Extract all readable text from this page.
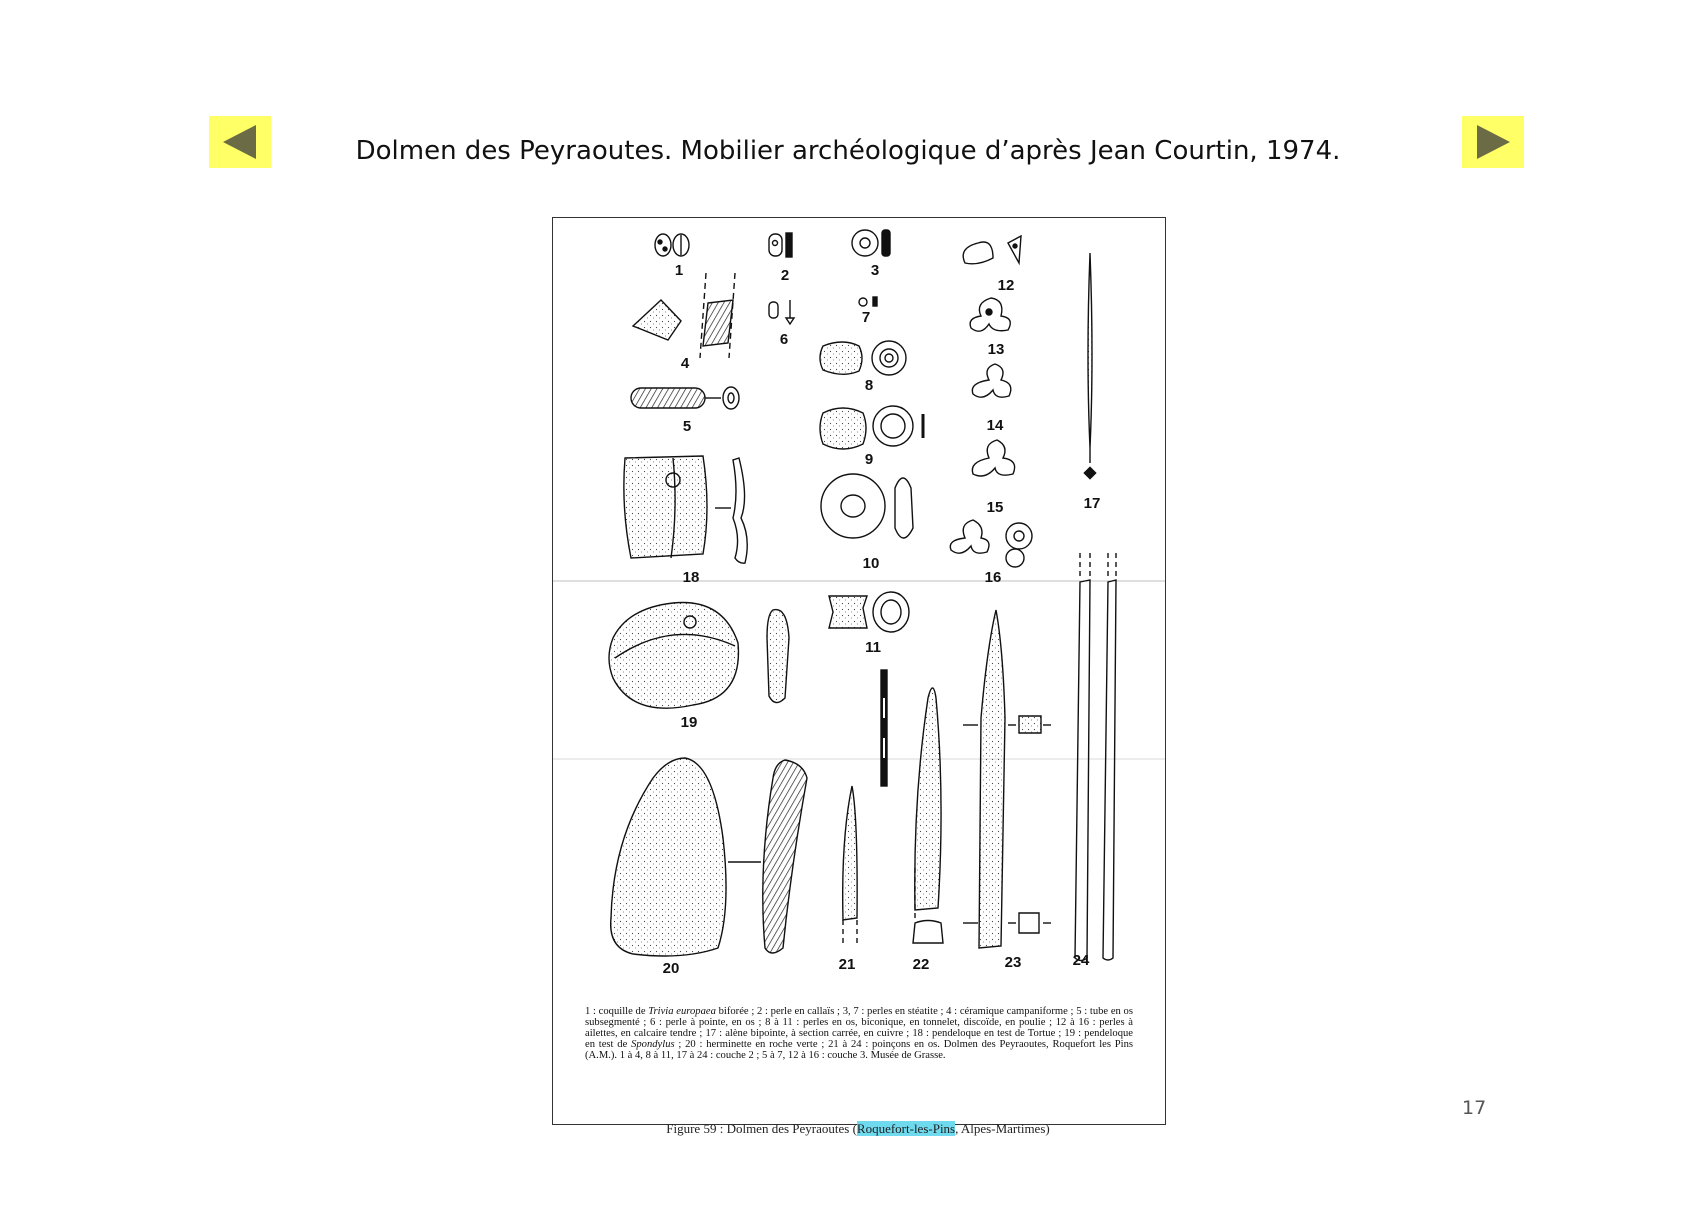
Dolmen des Peyraoutes. Mobilier archéologique d’après Jean Courtin, 1974.
1	2	3
4
5
6
7
8
9
10
11
12
13
14
15
16
17
18
19
20	21	22	23	24
1 : coquille de Trivia europaea biforée ; 2 : perle en callaïs ; 3, 7 : perles en stéatite ; 4 : céramique campaniforme ; 5 : tube en os subsegmenté ; 6 : perle à pointe, en os ; 8 à 11 : perles en os, biconique, en tonnelet, discoïde, en poulie ; 12 à 16 : perles à ailettes, en calcaire tendre ; 17 : alène bipointe, à section carrée, en cuivre ; 18 : pendeloque en test de Tortue ; 19 : pendeloque en test de Spondylus ; 20 : herminette en roche verte ; 21 à 24 : poinçons en os. Dolmen des Peyraoutes, Roquefort les Pins (A.M.). 1 à 4, 8 à 11, 17 à 24 : couche 2 ; 5 à 7, 12 à 16 : couche 3. Musée de Grasse.
Figure 59 : Dolmen des Peyraoutes (Roquefort-les-Pins, Alpes-Martimes)
17
